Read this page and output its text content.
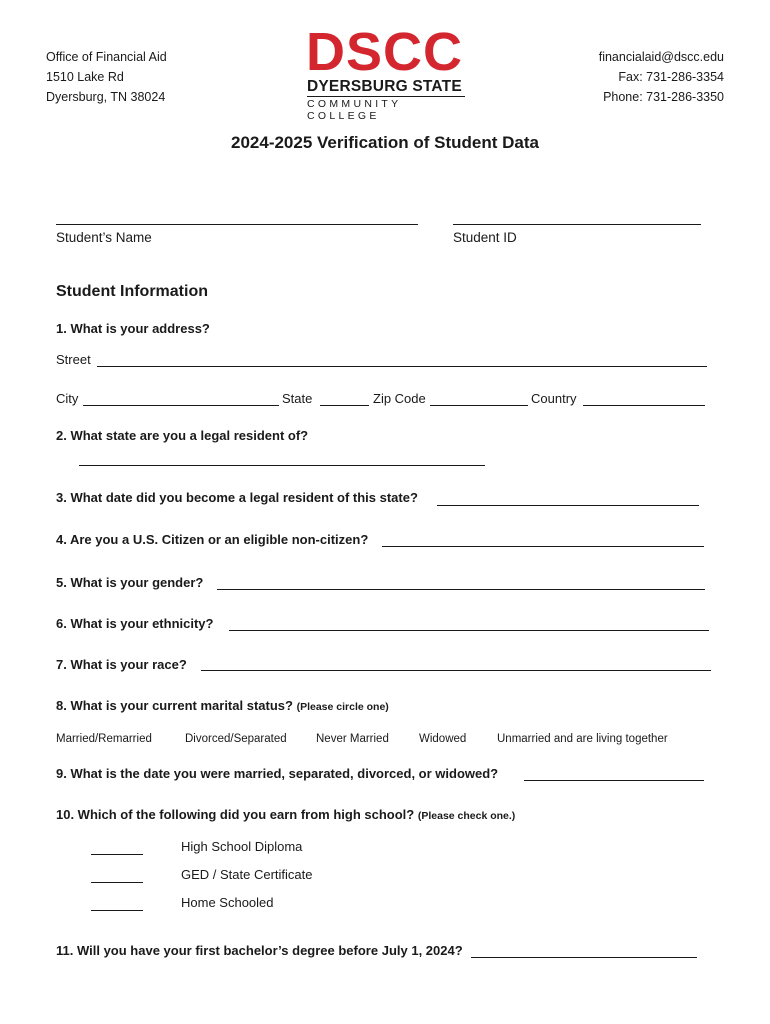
Office of Financial Aid
1510 Lake Rd
Dyersburg, TN 38024
DSCC
DYERSBURG STATE
COMMUNITY COLLEGE
financialaid@dscc.edu
Fax: 731-286-3354
Phone: 731-286-3350
2024-2025 Verification of Student Data
Student’s Name	Student ID
Student Information
1. What is your address?
Street
City	State	Zip Code	Country
2. What state are you a legal resident of?
3. What date did you become a legal resident of this state?
4. Are you a U.S. Citizen or an eligible non-citizen?
5. What is your gender?
6. What is your ethnicity?
7. What is your race?
8. What is your current marital status? (Please circle one)
Married/Remarried	Divorced/Separated	Never Married	Widowed	Unmarried and are living together
9. What is the date you were married, separated, divorced, or widowed?
10. Which of the following did you earn from high school? (Please check one.)
High School Diploma
GED / State Certificate
Home Schooled
11. Will you have your first bachelor’s degree before July 1, 2024?
